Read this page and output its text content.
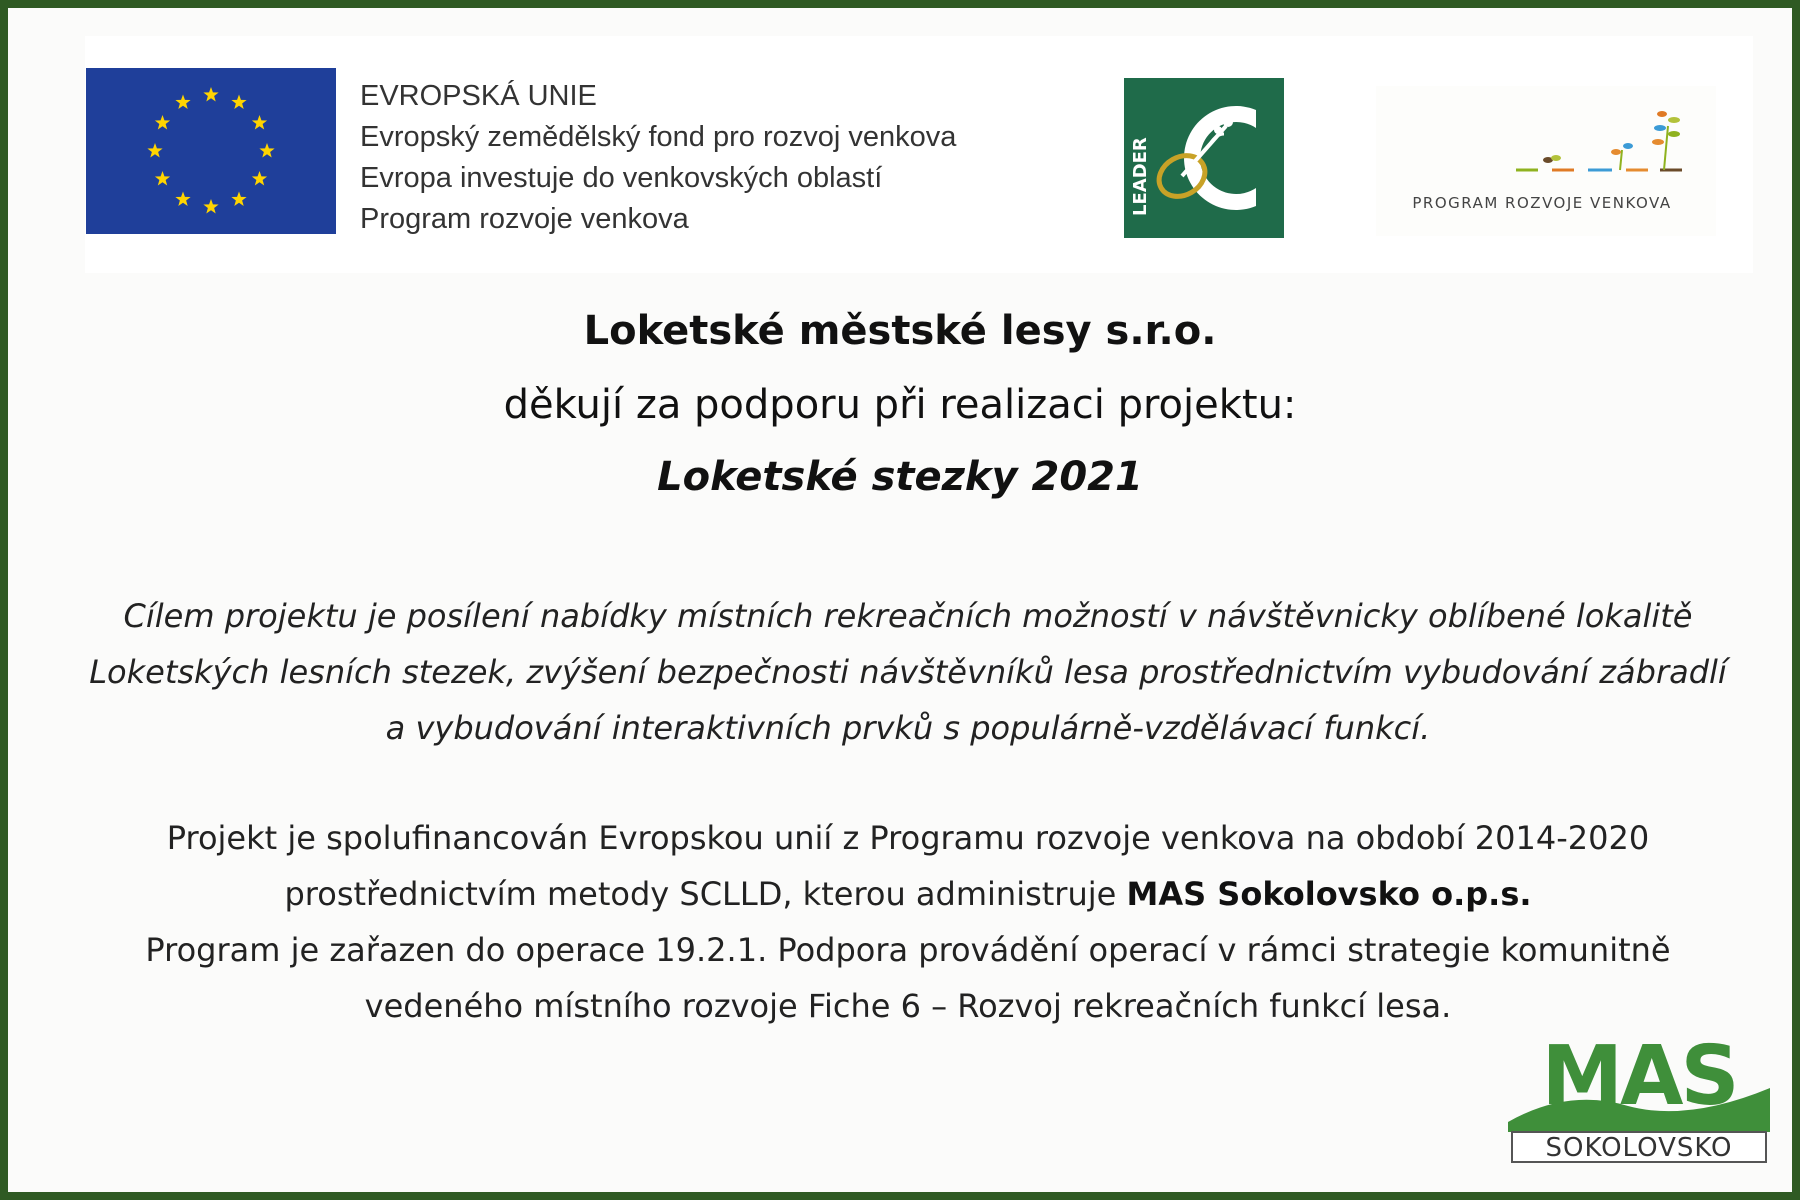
EVROPSKÁ UNIE
Evropský zemědělský fond pro rozvoj venkova
Evropa investuje do venkovských oblastí
Program rozvoje venkova
LEADER	PROGRAM ROZVOJE VENKOVA
Loketské městské lesy s.r.o.
děkují za podporu při realizaci projektu:
Loketské stezky 2021
Cílem projektu je posílení nabídky místních rekreačních možností v návštěvnicky oblíbené lokalitě
Loketských lesních stezek, zvýšení bezpečnosti návštěvníků lesa prostřednictvím vybudování zábradlí
a vybudování interaktivních prvků s populárně-vzdělávací funkcí.
Projekt je spolufinancován Evropskou unií z Programu rozvoje venkova na období 2014-2020
prostřednictvím metody SCLLD, kterou administruje MAS Sokolovsko o.p.s.
Program je zařazen do operace 19.2.1. Podpora provádění operací v rámci strategie komunitně
vedeného místního rozvoje Fiche 6 – Rozvoj rekreačních funkcí lesa.
MAS
SOKOLOVSKO
